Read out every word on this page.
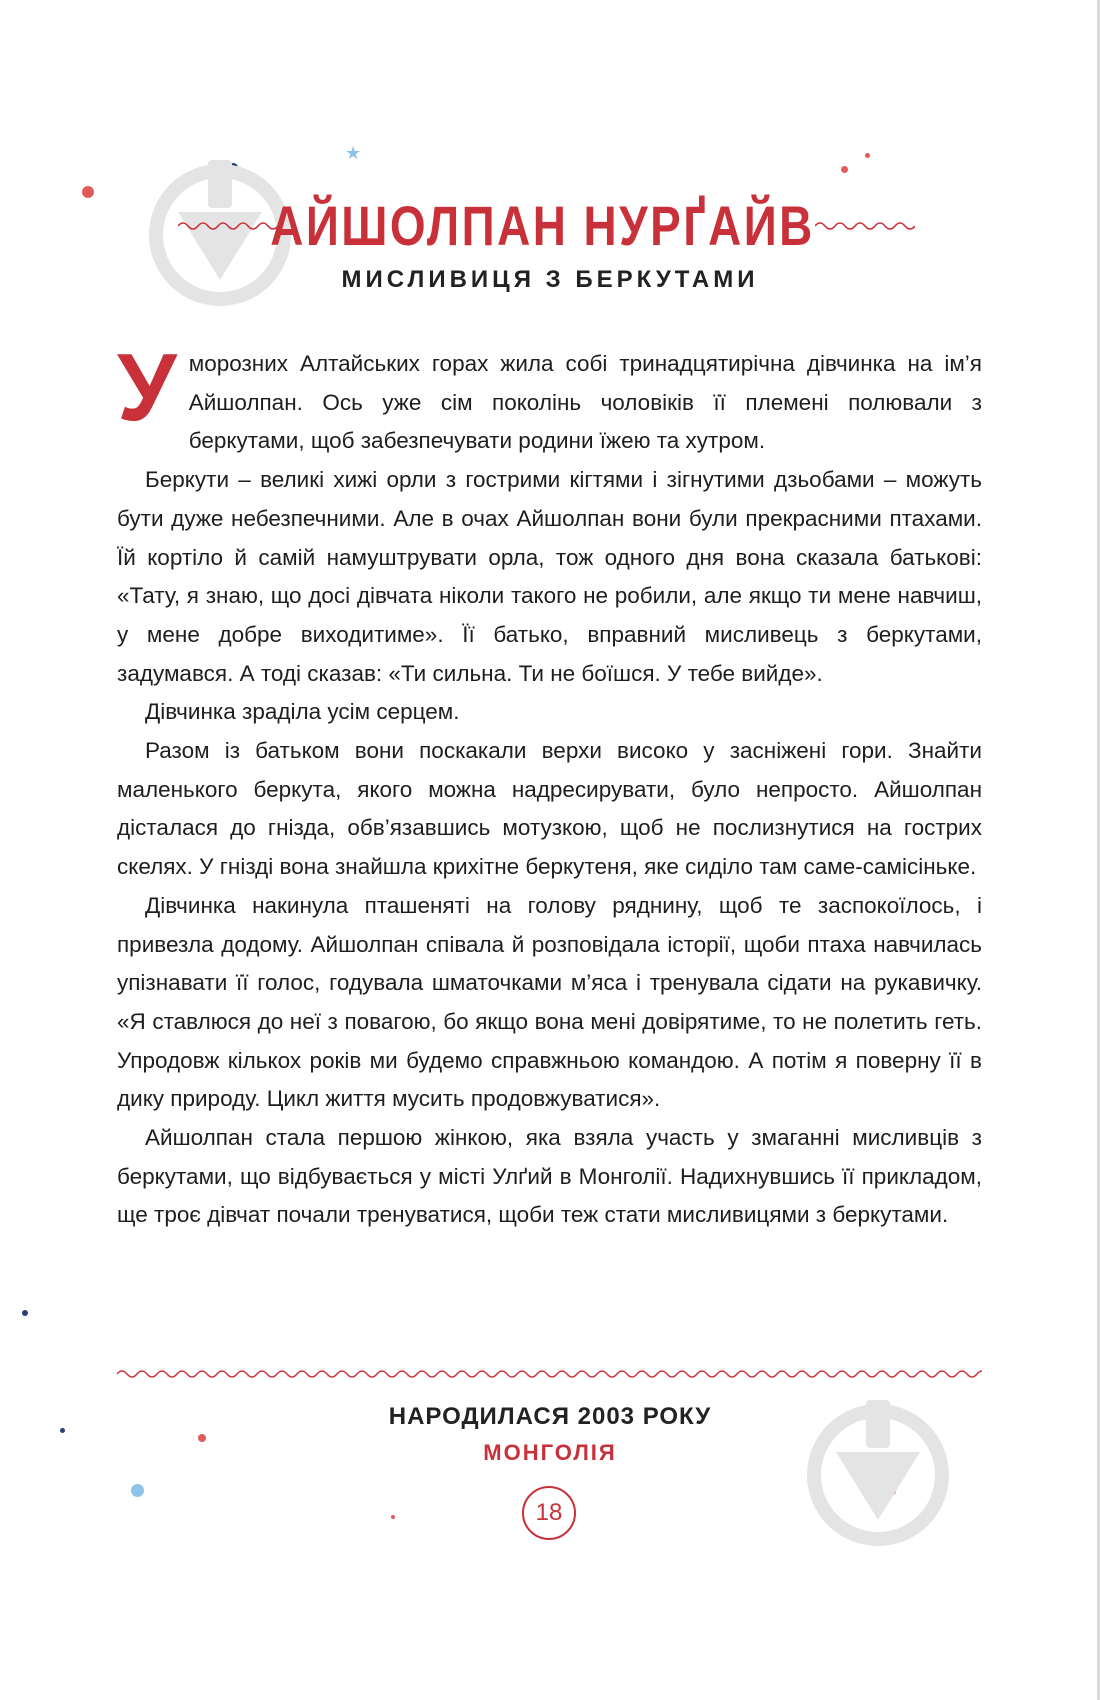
★
АЙШОЛПАН НУРҐАЙВ
МИСЛИВИЦЯ З БЕРКУТАМИ

Уморозних Алтайських горах жила собі тринадцятирічна дівчинка на ім’я Айшолпан. Ось уже сім поколінь чоловіків її племені полювали з беркутами, щоб забезпечувати родини їжею та хутром.

Беркути – великі хижі орли з гострими кігтями і зігнутими дзьобами – можуть бути дуже небезпечними. Але в очах Айшолпан вони були прекрасними птахами. Їй кортіло й самій намуштрувати орла, тож одного дня вона сказала батькові: «Тату, я знаю, що досі дівчата ніколи такого не робили, але якщо ти мене навчиш, у мене добре виходитиме». Її батько, вправний мисливець з беркутами, задумався. А тоді сказав: «Ти сильна. Ти не боїшся. У тебе вийде».

Дівчинка зраділа усім серцем.

Разом із батьком вони поскакали верхи високо у засніжені гори. Знайти маленького беркута, якого можна надресирувати, було непросто. Айшолпан дісталася до гнізда, обв’язавшись мотузкою, щоб не послизнутися на гострих скелях. У гнізді вона знайшла крихітне беркутеня, яке сиділо там саме-самісіньке.

Дівчинка накинула пташеняті на голову ряднину, щоб те заспокоїлось, і привезла додому. Айшолпан співала й розповідала історії, щоби птаха навчилась упізнавати її голос, годувала шматочками м’яса і тренувала сідати на рукавичку. «Я ставлюся до неї з повагою, бо якщо вона мені довірятиме, то не полетить геть. Упродовж кількох років ми будемо справжньою командою. А потім я поверну її в дику природу. Цикл життя мусить продовжуватися».

Айшолпан стала першою жінкою, яка взяла участь у змаганні мисливців з беркутами, що відбувається у місті Улґий в Монголії. Надихнувшись її прикладом, ще троє дівчат почали тренуватися, щоби теж стати мисливицями з беркутами.

НАРОДИЛАСЯ 2003 РОКУ
МОНГОЛІЯ
18
